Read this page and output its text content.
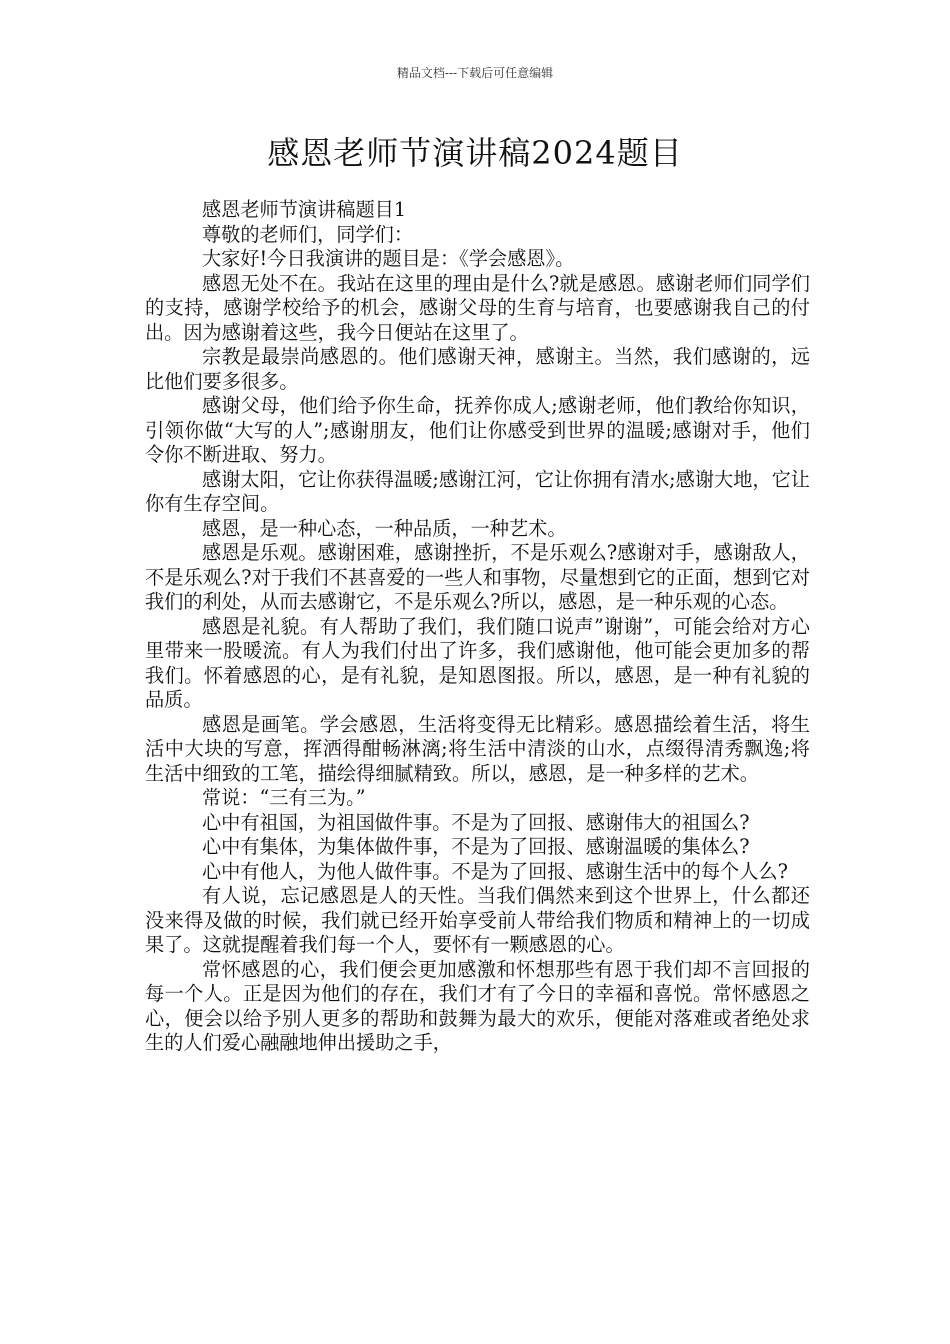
精品文档---下载后可任意编辑
感恩老师节演讲稿2024题目

感恩老师节演讲稿题目1

尊敬的老师们，同学们：

大家好!今日我演讲的题目是：《学会感恩》。

感恩无处不在。我站在这里的理由是什么?就是感恩。感谢老师们同学们的支持，感谢学校给予的机会，感谢父母的生育与培育，也要感谢我自己的付出。因为感谢着这些，我今日便站在这里了。

宗教是最崇尚感恩的。他们感谢天神，感谢主。当然，我们感谢的，远比他们要多很多。

感谢父母，他们给予你生命，抚养你成人;感谢老师，他们教给你知识，引领你做“大写的人”;感谢朋友，他们让你感受到世界的温暖;感谢对手，他们令你不断进取、努力。

感谢太阳，它让你获得温暖;感谢江河，它让你拥有清水;感谢大地，它让你有生存空间。

感恩，是一种心态，一种品质，一种艺术。

感恩是乐观。感谢困难，感谢挫折，不是乐观么?感谢对手，感谢敌人，不是乐观么?对于我们不甚喜爱的一些人和事物，尽量想到它的正面，想到它对我们的利处，从而去感谢它，不是乐观么?所以，感恩，是一种乐观的心态。

感恩是礼貌。有人帮助了我们，我们随口说声”谢谢”，可能会给对方心里带来一股暖流。有人为我们付出了许多，我们感谢他，他可能会更加多的帮我们。怀着感恩的心，是有礼貌，是知恩图报。所以，感恩，是一种有礼貌的品质。

感恩是画笔。学会感恩，生活将变得无比精彩。感恩描绘着生活，将生活中大块的写意，挥洒得酣畅淋漓;将生活中清淡的山水，点缀得清秀飘逸;将生活中细致的工笔，描绘得细腻精致。所以，感恩，是一种多样的艺术。

常说：“三有三为。”

心中有祖国，为祖国做件事。不是为了回报、感谢伟大的祖国么?

心中有集体，为集体做件事，不是为了回报、感谢温暖的集体么?

心中有他人，为他人做件事。不是为了回报、感谢生活中的每个人么?

有人说，忘记感恩是人的天性。当我们偶然来到这个世界上，什么都还没来得及做的时候，我们就已经开始享受前人带给我们物质和精神上的一切成果了。这就提醒着我们每一个人，要怀有一颗感恩的心。

常怀感恩的心，我们便会更加感激和怀想那些有恩于我们却不言回报的每一个人。正是因为他们的存在，我们才有了今日的幸福和喜悦。常怀感恩之心，便会以给予别人更多的帮助和鼓舞为最大的欢乐，便能对落难或者绝处求生的人们爱心融融地伸出援助之手，
